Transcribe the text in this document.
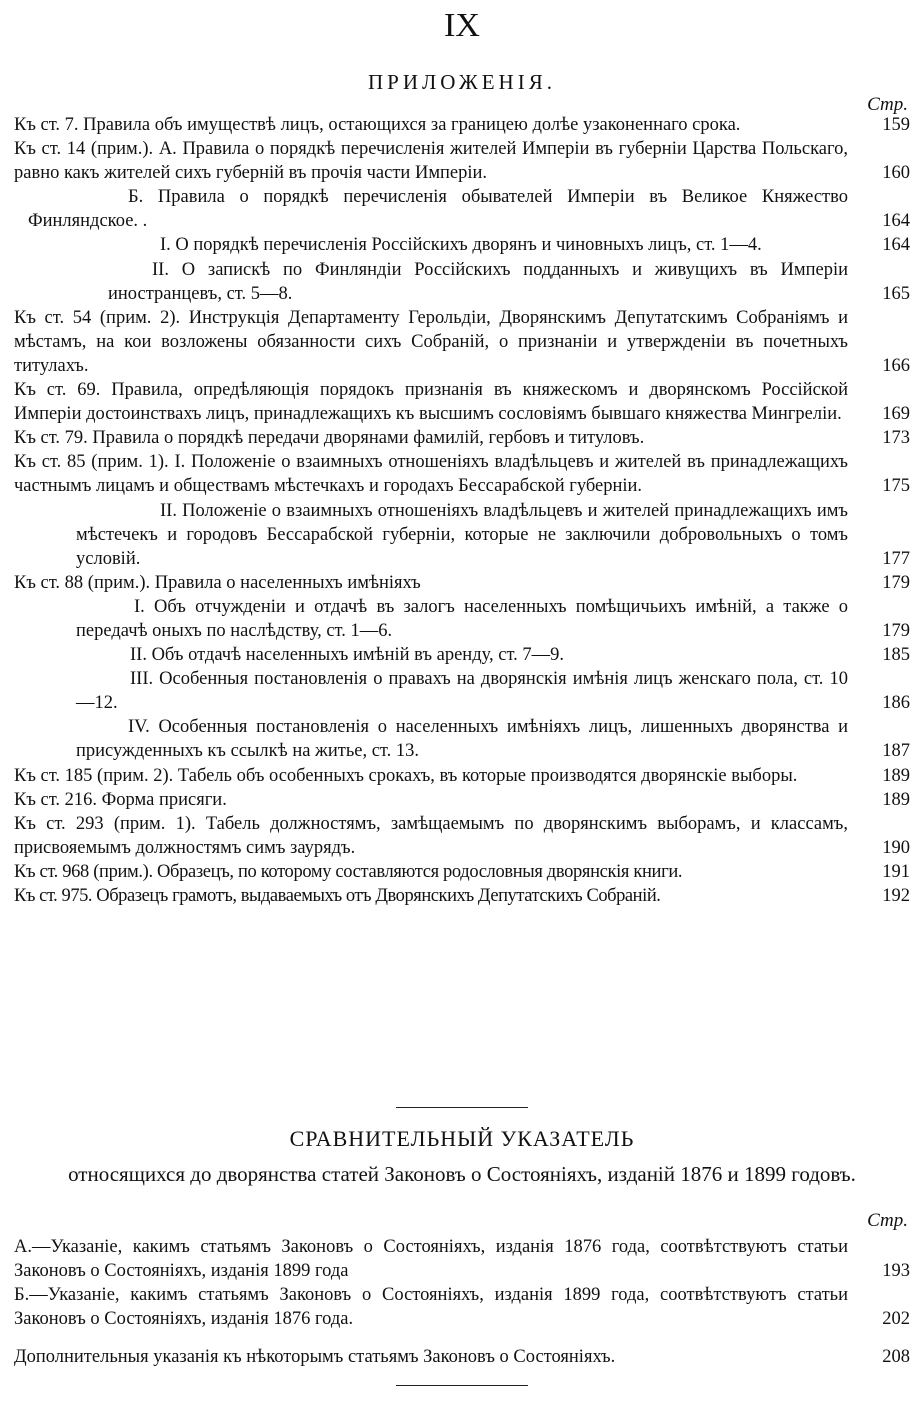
IX
ПРИЛОЖЕНІЯ.
Стр.
Къ ст. 7. Правила объ имуществѣ лицъ, остающихся за границею долѣе узаконеннаго срока.	159
Къ ст. 14 (прим.). А. Правила о порядкѣ перечисленія жителей Имперіи въ губерніи Царства Польскаго, равно какъ жителей сихъ губерній въ прочія части Имперіи.	160
Б. Правила о порядкѣ перечисленія обывателей Имперіи въ Великое Княжество Финляндское. .	164
I. О порядкѣ перечисленія Россійскихъ дворянъ и чиновныхъ лицъ, ст. 1—4.	164
II. О запискѣ по Финляндіи Россійскихъ подданныхъ и живущихъ въ Имперіи иностранцевъ, ст. 5—8.	165
Къ ст. 54 (прим. 2). Инструкція Департаменту Герольдіи, Дворянскимъ Депутатскимъ Собраніямъ и мѣстамъ, на кои возложены обязанности сихъ Собраній, о признаніи и утвержденіи въ почетныхъ титулахъ.	166
Къ ст. 69. Правила, опредѣляющія порядокъ признанія въ княжескомъ и дворянскомъ Россійской Имперіи достоинствахъ лицъ, принадлежащихъ къ высшимъ сословіямъ бывшаго княжества Мингреліи.	169
Къ ст. 79. Правила о порядкѣ передачи дворянами фамилій, гербовъ и титуловъ.	173
Къ ст. 85 (прим. 1). I. Положеніе о взаимныхъ отношеніяхъ владѣльцевъ и жителей въ принадлежащихъ частнымъ лицамъ и обществамъ мѣстечкахъ и городахъ Бессарабской губерніи.	175
II. Положеніе о взаимныхъ отношеніяхъ владѣльцевъ и жителей принадлежащихъ имъ мѣстечекъ и городовъ Бессарабской губерніи, которые не заключили добровольныхъ о томъ условій.	177
Къ ст. 88 (прим.). Правила о населенныхъ имѣніяхъ	179
I. Объ отчужденіи и отдачѣ въ залогъ населенныхъ помѣщичьихъ имѣній, а также о передачѣ оныхъ по наслѣдству, ст. 1—6.	179
II. Объ отдачѣ населенныхъ имѣній въ аренду, ст. 7—9.	185
III. Особенныя постановленія о правахъ на дворянскія имѣнія лицъ женскаго пола, ст. 10—12.	186
IV. Особенныя постановленія о населенныхъ имѣніяхъ лицъ, лишенныхъ дворянства и присужденныхъ къ ссылкѣ на житье, ст. 13.	187
Къ ст. 185 (прим. 2). Табель объ особенныхъ срокахъ, въ которые производятся дворянскіе выборы.	189
Къ ст. 216. Форма присяги.	189
Къ ст. 293 (прим. 1). Табель должностямъ, замѣщаемымъ по дворянскимъ выборамъ, и классамъ, присвояемымъ должностямъ симъ заурядъ.	190
Къ ст. 968 (прим.). Образецъ, по которому составляются родословныя дворянскія книги.	191
Къ ст. 975. Образецъ грамотъ, выдаваемыхъ отъ Дворянскихъ Депутатскихъ Собраній.	192
СРАВНИТЕЛЬНЫЙ УКАЗАТЕЛЬ
относящихся до дворянства статей Законовъ о Состояніяхъ, изданій 1876 и 1899 годовъ.
Стр.
А.—Указаніе, какимъ статьямъ Законовъ о Состояніяхъ, изданія 1876 года, соотвѣтствуютъ статьи Законовъ о Состояніяхъ, изданія 1899 года	193
Б.—Указаніе, какимъ статьямъ Законовъ о Состояніяхъ, изданія 1899 года, соотвѣтствуютъ статьи Законовъ о Состояніяхъ, изданія 1876 года.	202
Дополнительныя указанія къ нѣкоторымъ статьямъ Законовъ о Состояніяхъ.	208
